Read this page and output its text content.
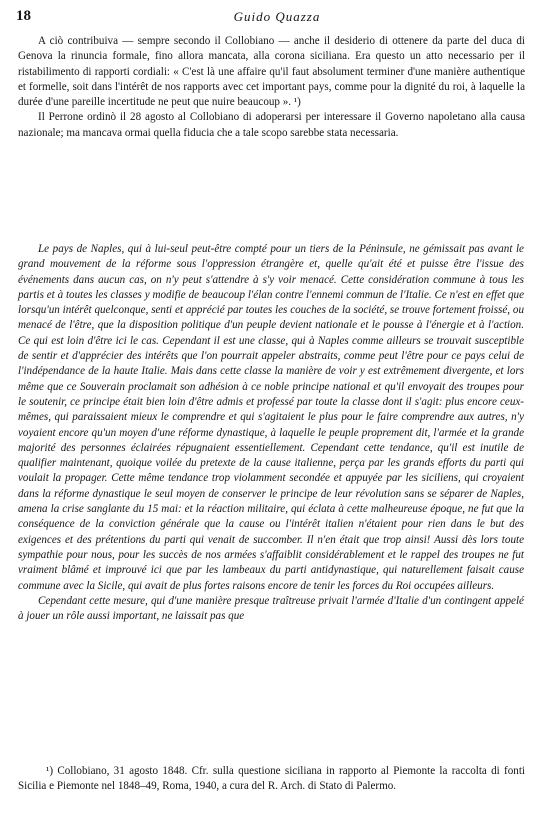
18	Guido Quazza

A ciò contribuiva — sempre secondo il Collobiano — anche il desiderio di ottenere da parte del duca di Genova la rinuncia formale, fino allora mancata, alla corona siciliana. Era questo un atto necessario per il ristabilimento di rapporti cordiali: « C'est là une affaire qu'il faut absolument terminer d'une manière authentique et formelle, soit dans l'intérêt de nos rapports avec cet important pays, comme pour la dignité du roi, à laquelle la durée d'une pareille incertitude ne peut que nuire beaucoup ». ¹)

Il Perrone ordinò il 28 agosto al Collobiano di adoperarsi per interessare il Governo napoletano alla causa nazionale; ma mancava ormai quella fiducia che a tale scopo sarebbe stata necessaria.

Le pays de Naples, qui à lui-seul peut-être compté pour un tiers de la Péninsule, ne gémissait pas avant le grand mouvement de la réforme sous l'oppression étrangère et, quelle qu'ait été et puisse être l'issue des événements dans aucun cas, on n'y peut s'attendre à s'y voir menacé. Cette considération commune à tous les partis et à toutes les classes y modifie de beaucoup l'élan contre l'ennemi commun de l'Italie. Ce n'est en effet que lorsqu'un intérêt quelconque, senti et apprécié par toutes les couches de la société, se trouve fortement froissé, ou menacé de l'être, que la disposition politique d'un peuple devient nationale et le pousse à l'énergie et à l'action. Ce qui est loin d'être ici le cas. Cependant il est une classe, qui à Naples comme ailleurs se trouvait susceptible de sentir et d'apprécier des intérêts que l'on pourrait appeler abstraits, comme peut l'être pour ce pays celui de l'indépendance de la haute Italie. Mais dans cette classe la manière de voir y est extrêmement divergente, et lors même que ce Souverain proclamait son adhésion à ce noble principe national et qu'il envoyait des troupes pour le soutenir, ce principe était bien loin d'être admis et professé par toute la classe dont il s'agit: plus encore ceux-mêmes, qui paraissaient mieux le comprendre et qui s'agitaient le plus pour le faire comprendre aux autres, n'y voyaient encore qu'un moyen d'une réforme dynastique, à laquelle le peuple proprement dit, l'armée et la grande majorité des personnes éclairées répugnaient essentiellement. Cependant cette tendance, qu'il est inutile de qualifier maintenant, quoique voilée du pretexte de la cause italienne, perça par les grands efforts du parti qui voulait la propager. Cette même tendance trop violamment secondée et appuyée par les siciliens, qui croyaient dans la réforme dynastique le seul moyen de conserver le principe de leur révolution sans se séparer de Naples, amena la crise sanglante du 15 mai: et la réaction militaire, qui éclata à cette malheureuse époque, ne fut que la conséquence de la conviction générale que la cause ou l'intérêt italien n'étaient pour rien dans le but des exigences et des prétentions du parti qui venait de succomber. Il n'en était que trop ainsi! Aussi dès lors toute sympathie pour nous, pour les succès de nos armées s'affaiblit considérablement et le rappel des troupes ne fut vraiment blâmé et improuvé ici que par les lambeaux du parti antidynastique, qui naturellement faisait cause commune avec la Sicile, qui avait de plus fortes raisons encore de tenir les forces du Roi occupées ailleurs.

Cependant cette mesure, qui d'une manière presque traîtreuse privait l'armée d'Italie d'un contingent appelé à jouer un rôle aussi important, ne laissait pas que

¹) Collobiano, 31 agosto 1848. Cfr. sulla questione siciliana in rapporto al Piemonte la raccolta di fonti Sicilia e Piemonte nel 1848–49, Roma, 1940, a cura del R. Arch. di Stato di Palermo.
